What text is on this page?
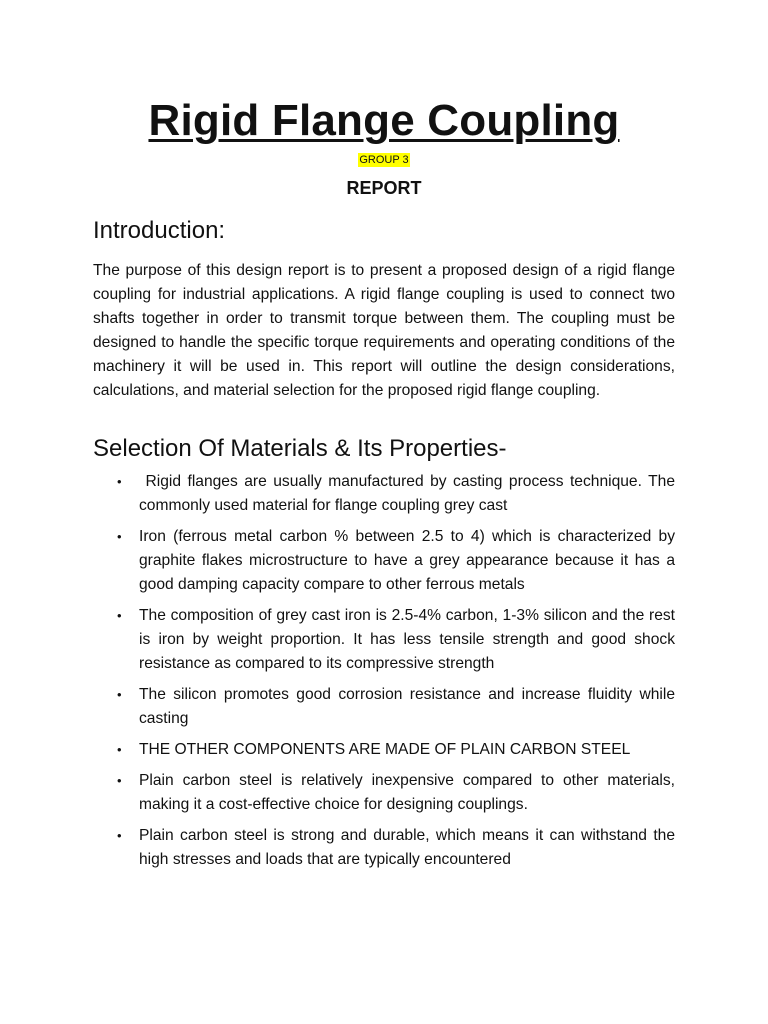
Rigid Flange Coupling
GROUP 3
REPORT
Introduction:

The purpose of this design report is to present a proposed design of a rigid flange coupling for industrial applications. A rigid flange coupling is used to connect two shafts together in order to transmit torque between them. The coupling must be designed to handle the specific torque requirements and operating conditions of the machinery it will be used in. This report will outline the design considerations, calculations, and material selection for the proposed rigid flange coupling.

Selection Of Materials & Its Properties-
• Rigid flanges are usually manufactured by casting process technique. The commonly used material for flange coupling grey cast
• Iron (ferrous metal carbon % between 2.5 to 4) which is characterized by graphite flakes microstructure to have a grey appearance because it has a good damping capacity compare to other ferrous metals
• The composition of grey cast iron is 2.5-4% carbon, 1-3% silicon and the rest is iron by weight proportion. It has less tensile strength and good shock resistance as compared to its compressive strength
• The silicon promotes good corrosion resistance and increase fluidity while casting
• THE OTHER COMPONENTS ARE MADE OF PLAIN CARBON STEEL
• Plain carbon steel is relatively inexpensive compared to other materials, making it a cost-effective choice for designing couplings.
• Plain carbon steel is strong and durable, which means it can withstand the high stresses and loads that are typically encountered
